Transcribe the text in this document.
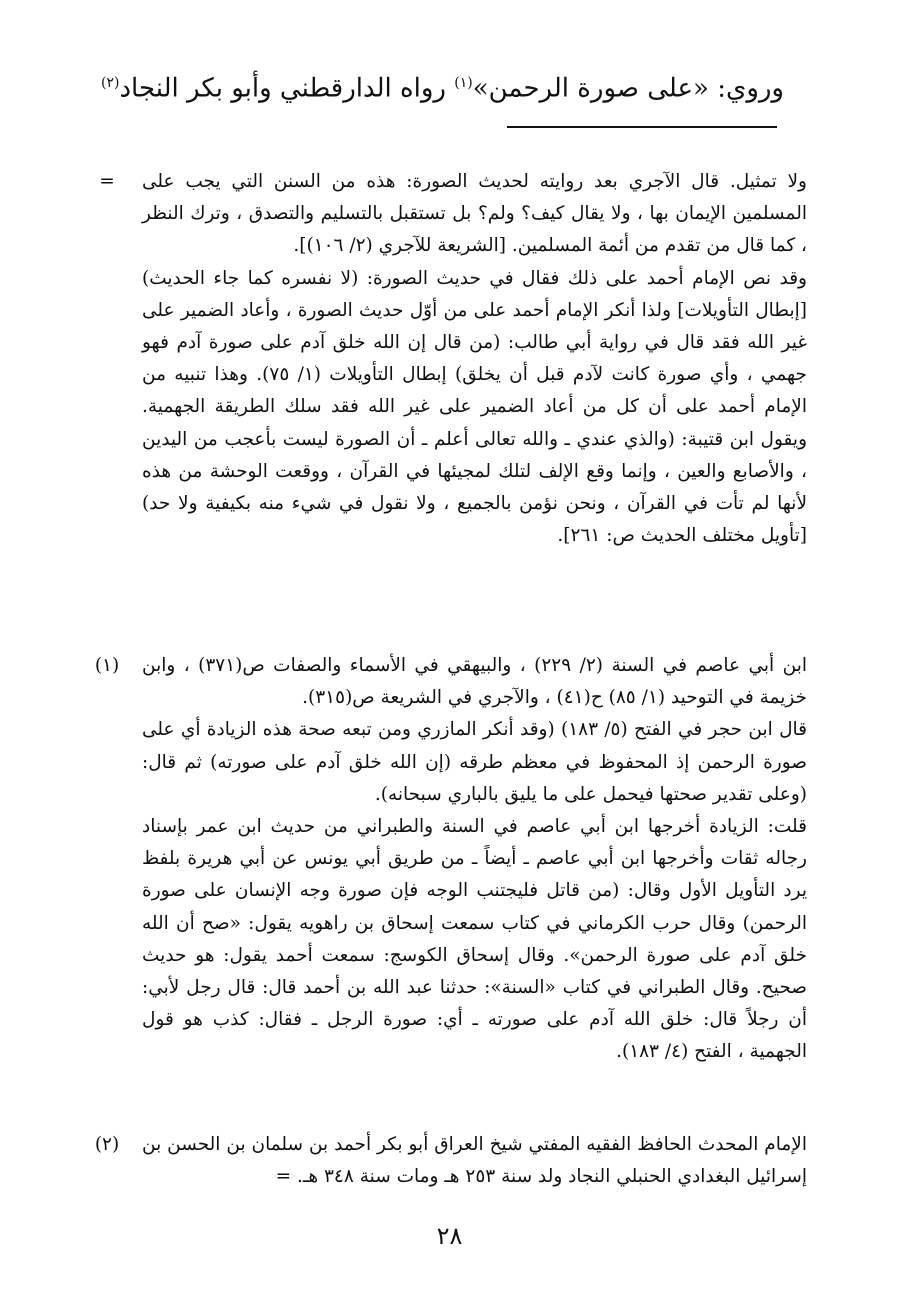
وروي: «على صورة الرحمن»$^{(١)}$ رواه الدارقطني وأبو بكر النجاد$^{(٢)}$
=	ولا تمثيل. قال الآجري بعد روايته لحديث الصورة: هذه من السنن التي يجب على المسلمين الإيمان بها ، ولا يقال كيف؟ ولم؟ بل تستقبل بالتسليم والتصدق ، وترك النظر ، كما قال من تقدم من أئمة المسلمين. [الشريعة للآجري (٢/ ١٠٦)].

وقد نص الإمام أحمد على ذلك فقال في حديث الصورة: (لا نفسره كما جاء الحديث) [إبطال التأويلات] ولذا أنكر الإمام أحمد على من أوّل حديث الصورة ، وأعاد الضمير على غير الله فقد قال في رواية أبي طالب: (من قال إن الله خلق آدم على صورة آدم فهو جهمي ، وأي صورة كانت لآدم قبل أن يخلق) إبطال التأويلات (١/ ٧٥). وهذا تنبيه من الإمام أحمد على أن كل من أعاد الضمير على غير الله فقد سلك الطريقة الجهمية. ويقول ابن قتيبة: (والذي عندي ـ والله تعالى أعلم ـ أن الصورة ليست بأعجب من اليدين ، والأصابع والعين ، وإنما وقع الإلف لتلك لمجيئها في القرآن ، ووقعت الوحشة من هذه لأنها لم تأت في القرآن ، ونحن نؤمن بالجميع ، ولا نقول في شيء منه بكيفية ولا حد) [تأويل مختلف الحديث ص: ٢٦١].

(١)	ابن أبي عاصم في السنة (٢/ ٢٢٩) ، والبيهقي في الأسماء والصفات ص(٣٧١) ، وابن خزيمة في التوحيد (١/ ٨٥) ح(٤١) ، والآجري في الشريعة ص(٣١٥).

قال ابن حجر في الفتح (٥/ ١٨٣) (وقد أنكر المازري ومن تبعه صحة هذه الزيادة أي على صورة الرحمن إذ المحفوظ في معظم طرقه (إن الله خلق آدم على صورته) ثم قال: (وعلى تقدير صحتها فيحمل على ما يليق بالباري سبحانه).

قلت: الزيادة أخرجها ابن أبي عاصم في السنة والطبراني من حديث ابن عمر بإسناد رجاله ثقات وأخرجها ابن أبي عاصم ـ أيضاً ـ من طريق أبي يونس عن أبي هريرة بلفظ يرد التأويل الأول وقال: (من قاتل فليجتنب الوجه فإن صورة وجه الإنسان على صورة الرحمن) وقال حرب الكرماني في كتاب سمعت إسحاق بن راهويه يقول: «صح أن الله خلق آدم على صورة الرحمن». وقال إسحاق الكوسج: سمعت أحمد يقول: هو حديث صحيح. وقال الطبراني في كتاب «السنة»: حدثنا عبد الله بن أحمد قال: قال رجل لأبي: أن رجلاً قال: خلق الله آدم على صورته ـ أي: صورة الرجل ـ فقال: كذب هو قول الجهمية ، الفتح (٤/ ١٨٣).

(٢)	الإمام المحدث الحافظ الفقيه المفتي شيخ العراق أبو بكر أحمد بن سلمان بن الحسن بن إسرائيل البغدادي الحنبلي النجاد ولد سنة ٢٥٣ هـ ومات سنة ٣٤٨ هـ. =

٢٨
